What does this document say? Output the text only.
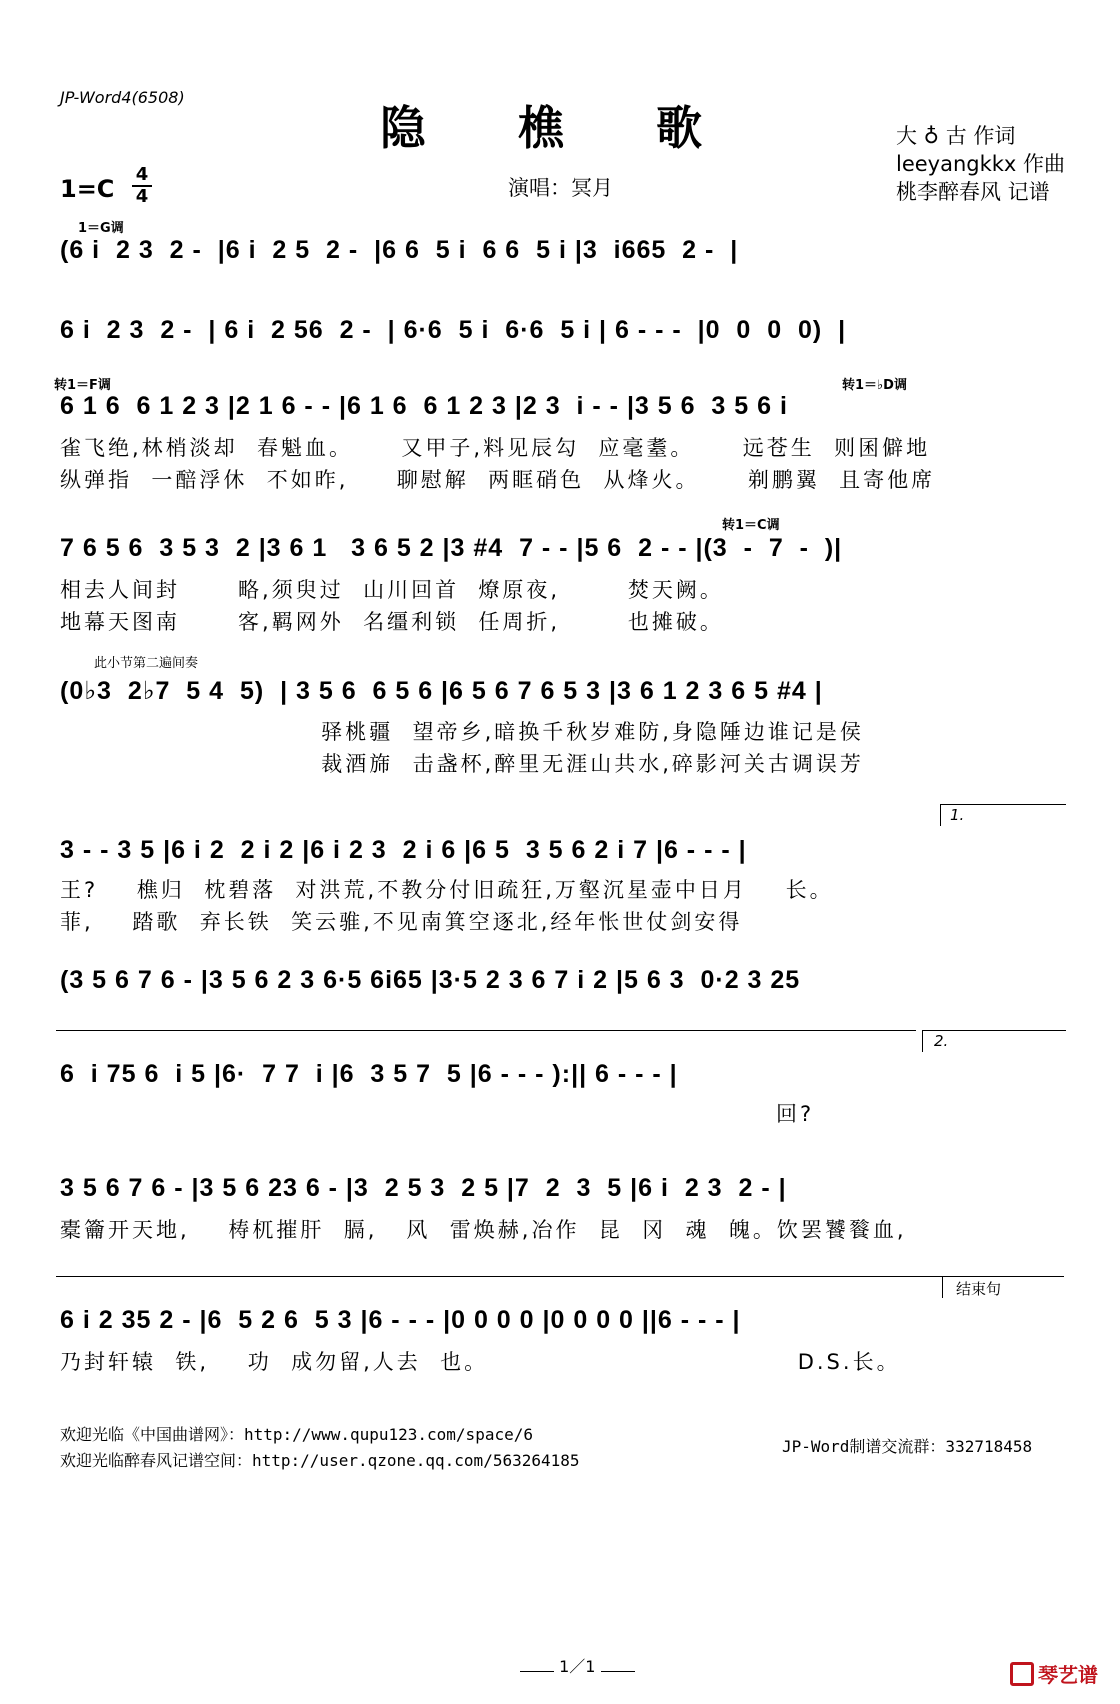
JP-Word4(6508)
隐 樵 歌	大 ♁ 古 作词
leeyangkkx 作曲
桃李醉春风 记谱
1=C
4
4	演唱：冥月
1＝G调
(6 i  2 3  2 -  |6 i  2 5  2 -  |6 6  5 i  6 6  5 i |3  i665  2 -  |
6 i  2 3  2 -  | 6 i  2 56  2 -  | 6·6  5 i  6·6  5 i | 6 - - -  |0  0  0  0)  |
转1＝F调	转1＝♭D调
6 1 6  6 1 2 3 |2 1 6 - - |6 1 6  6 1 2 3 |2 3  i - - |3 5 6  3 5 6 i
雀飞绝,林梢淡却  春魁血。     又甲子,料见辰勾  应毫耋。     远苍生  则囷僻地
纵弹指  一醅浮休  不如昨,     聊慰解  两眶硝色  从烽火。     剃鹏翼  且寄他席
转1＝C调
7 6 5 6  3 5 3  2 |3 6 1   3 6 5 2 |3 #4  7 - - |5 6  2 - - |(3  -  7  -  )|
相去人间封      略,须臾过  山川回首  燎原夜,       焚天阙。
地幕天图南      客,羁网外  名缰利锁  任周折,       也摊破。
此小节第二遍间奏
(0♭3  2♭7  5 4  5)  | 3 5 6  6 5 6 |6 5 6 7 6 5 3 |3 6 1 2 3 6 5 #4 |
驿桃疆  望帝乡,暗换千秋岁难防,身隐陲边谁记是侯
裁酒旆  击盏杯,醉里无涯山共水,碎影河关古调误芳
1.
3 - - 3 5 |6 i 2  2 i 2 |6 i 2 3  2 i 6 |6 5  3 5 6 2 i 7 |6 - - - |
王?    樵归  枕碧落  对洪荒,不教分付旧疏狂,万壑沉星壶中日月    长。
菲,    踏歌  弃长铁  笑云骓,不见南箕空逐北,经年怅世仗剑安得
(3 5 6 7 6 - |3 5 6 2 3 6·5 6i65 |3·5 2 3 6 7 i 2 |5 6 3  0·2 3 25
2.
6  i 75 6  i 5 |6·  7 7  i |6  3 5 7  5 |6 - - - ):|| 6 - - - |
回?
3 5 6 7 6 - |3 5 6 23 6 - |3  2 5 3  2 5 |7  2  3  5 |6 i  2 3  2 - |
橐籥开天地,    梼杌摧肝  膈,   风  雷焕赫,冶作  昆  冈  魂  魄。饮罢饕餮血,
结束句
6 i 2 35 2 - |6  5 2 6  5 3 |6 - - - |0 0 0 0 |0 0 0 0 ||6 - - - |
乃封轩辕  铁,    功  成勿留,人去  也。                                D.S.长。
欢迎光临《中国曲谱网》：http://www.qupu123.com/space/6
欢迎光临醉春风记谱空间：http://user.qzone.qq.com/563264185
JP-Word制谱交流群：332718458
1／1	琴艺谱
